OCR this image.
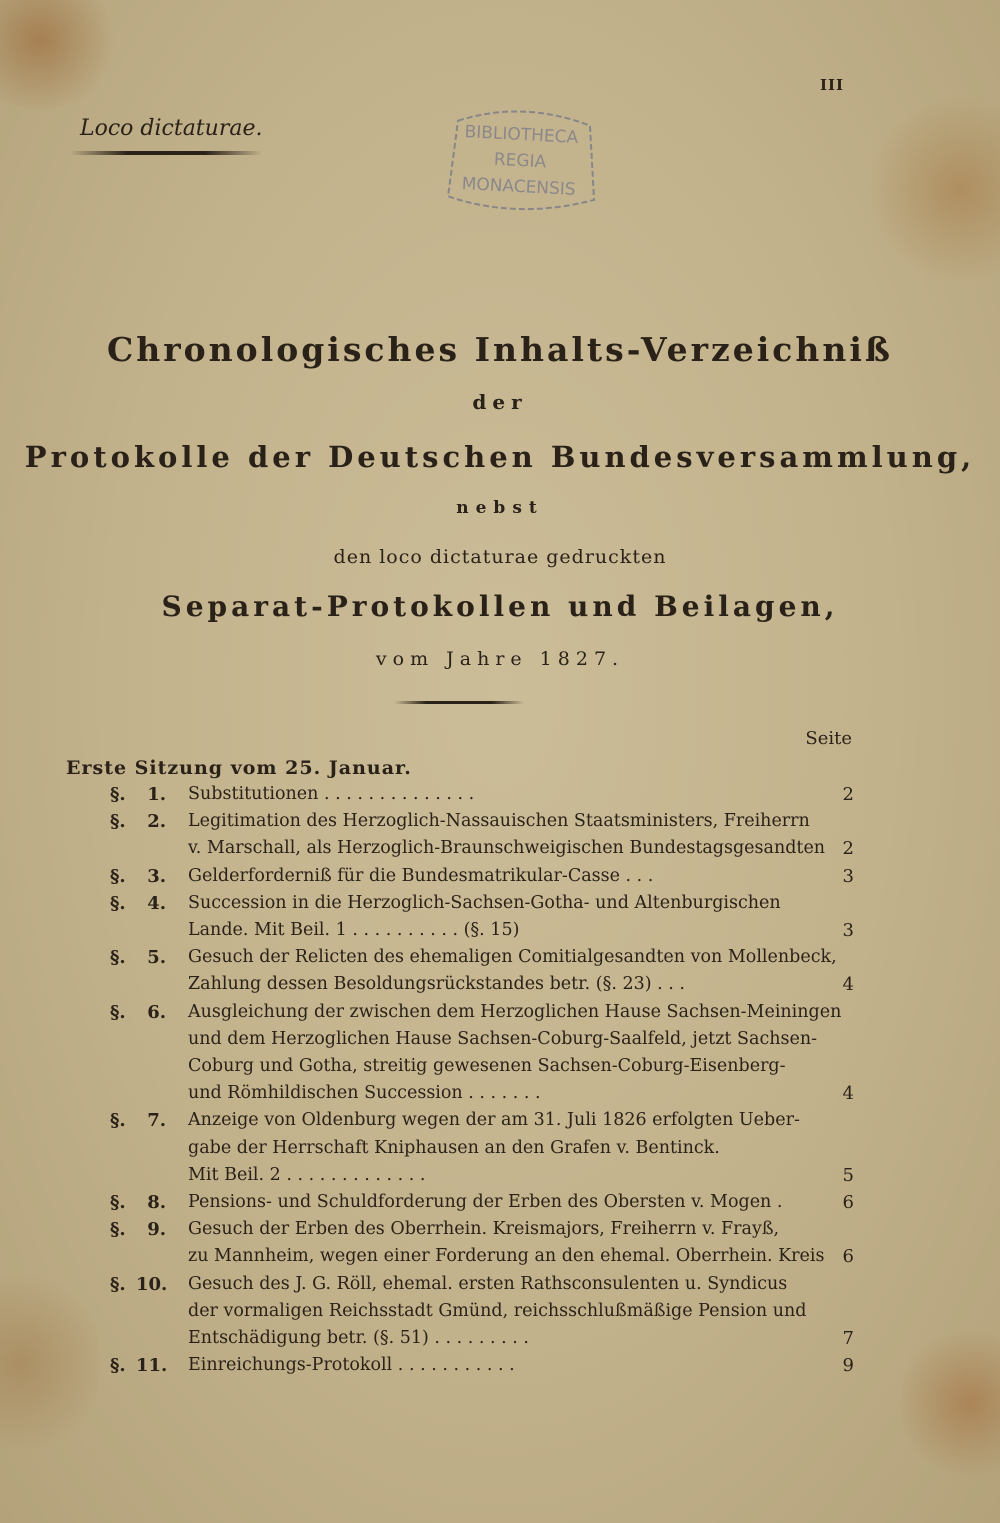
III
Loco dictaturae.	BIBLIOTHECA
REGIA
MONACENSIS
Chronologisches Inhalts-Verzeichniß
der
Protokolle der Deutschen Bundesversammlung,
nebst
den loco dictaturae gedruckten
Separat-Protokollen und Beilagen,
vom Jahre 1827.
Seite
Erste Sitzung vom 25. Januar.
§.	1. Substitutionen . . . . . . . . . . . . . .	2
§.	2. Legitimation des Herzoglich-Nassauischen Staatsministers, Freiherrn
v. Marschall, als Herzoglich-Braunschweigischen Bundestagsgesandten 2
§.	3. Gelderforderniß für die Bundesmatrikular-Casse . . .	3
§.	4. Succession in die Herzoglich-Sachsen-Gotha- und Altenburgischen
Lande. Mit Beil. 1 . . . . . . . . . . (§. 15)	3
§.	5. Gesuch der Relicten des ehemaligen Comitialgesandten von Mollenbeck,
Zahlung dessen Besoldungsrückstandes betr. (§. 23) . . .	4
§.	6. Ausgleichung der zwischen dem Herzoglichen Hause Sachsen-Meiningen
und dem Herzoglichen Hause Sachsen-Coburg-Saalfeld, jetzt Sachsen-
Coburg und Gotha, streitig gewesenen Sachsen-Coburg-Eisenberg-
und Römhildischen Succession . . . . . . .	4
§.	7. Anzeige von Oldenburg wegen der am 31. Juli 1826 erfolgten Ueber-
gabe der Herrschaft Kniphausen an den Grafen v. Bentinck.
Mit Beil. 2 . . . . . . . . . . . . .	5
§.	8. Pensions- und Schuldforderung der Erben des Obersten v. Mogen .	6
§.	9. Gesuch der Erben des Oberrhein. Kreismajors, Freiherrn v. Frayß,
zu Mannheim, wegen einer Forderung an den ehemal. Oberrhein. Kreis	6
§. 10. Gesuch des J. G. Röll, ehemal. ersten Rathsconsulenten u. Syndicus
der vormaligen Reichsstadt Gmünd, reichsschlußmäßige Pension und
Entschädigung betr. (§. 51) . . . . . . . . .	7
§. 11. Einreichungs-Protokoll . . . . . . . . . . .	9
